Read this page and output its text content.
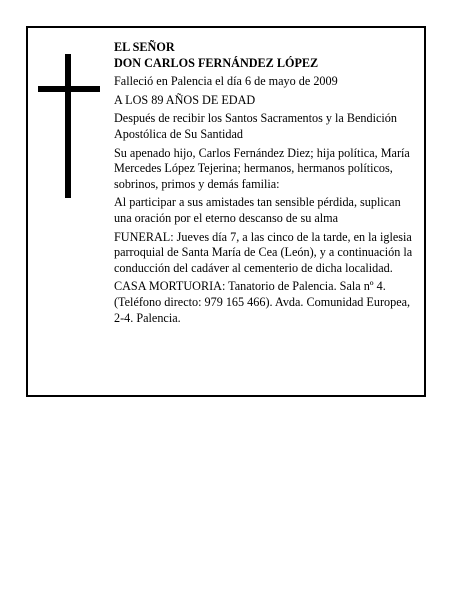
EL SEÑOR
DON CARLOS FERNÁNDEZ LÓPEZ

Falleció en Palencia el día 6 de mayo de 2009

A LOS 89 AÑOS DE EDAD

Después de recibir los Santos Sacramentos y la Bendición Apostólica de Su Santidad

Su apenado hijo, Carlos Fernández Diez; hija política, María Mercedes López Tejerina; hermanos, hermanos políticos, sobrinos, primos y demás familia:

Al participar a sus amistades tan sensible pérdida, suplican una oración por el eterno descanso de su alma

FUNERAL: Jueves día 7, a las cinco de la tarde, en la iglesia parroquial de Santa María de Cea (León), y a continuación la conducción del cadáver al cementerio de dicha localidad.

CASA MORTUORIA: Tanatorio de Palencia. Sala nº 4. (Teléfono directo: 979 165 466). Avda. Comunidad Europea, 2-4. Palencia.
